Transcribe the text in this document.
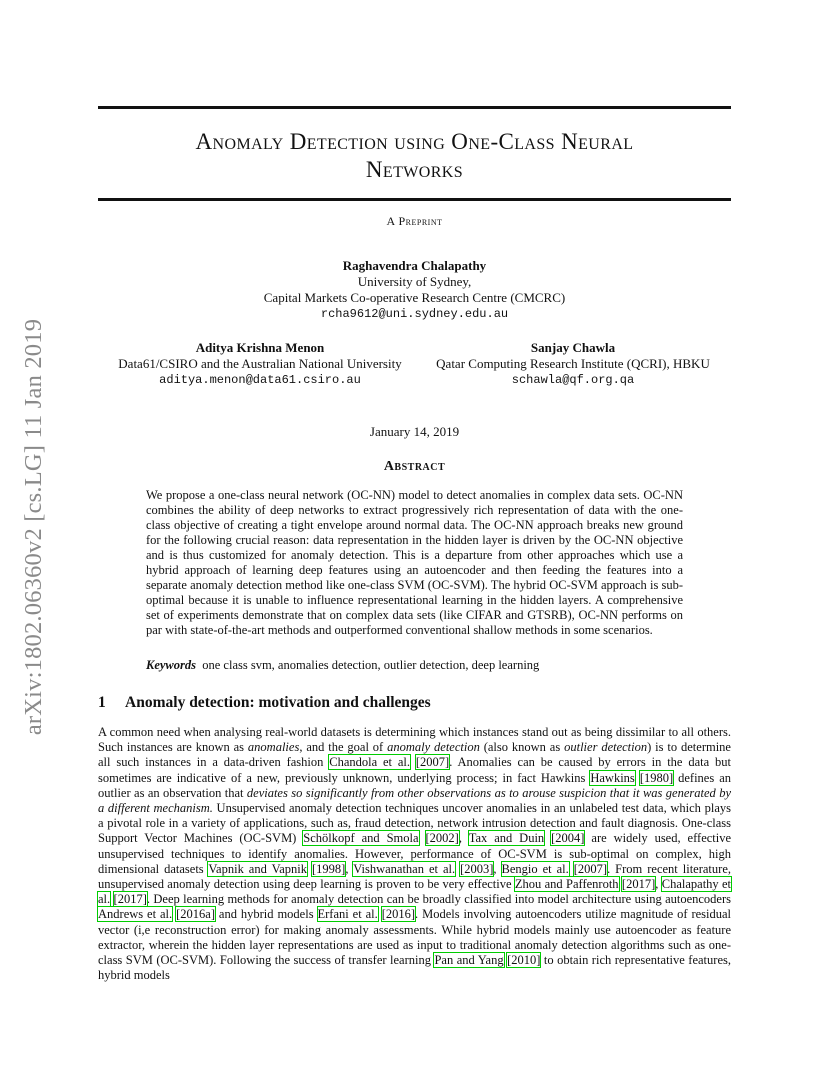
arXiv:1802.06360v2 [cs.LG] 11 Jan 2019
Anomaly Detection using One-Class Neural
Networks
A Preprint
Raghavendra Chalapathy
University of Sydney,
Capital Markets Co-operative Research Centre (CMCRC)
rcha9612@uni.sydney.edu.au
Aditya Krishna Menon
Data61/CSIRO and the Australian National University
aditya.menon@data61.csiro.au
Sanjay Chawla
Qatar Computing Research Institute (QCRI), HBKU
schawla@qf.org.qa
January 14, 2019
Abstract
We propose a one-class neural network (OC-NN) model to detect anomalies in complex data sets. OC-NN combines the ability of deep networks to extract progressively rich representation of data with the one-class objective of creating a tight envelope around normal data. The OC-NN approach breaks new ground for the following crucial reason: data representation in the hidden layer is driven by the OC-NN objective and is thus customized for anomaly detection. This is a departure from other approaches which use a hybrid approach of learning deep features using an autoencoder and then feeding the features into a separate anomaly detection method like one-class SVM (OC-SVM). The hybrid OC-SVM approach is sub-optimal because it is unable to influence representational learning in the hidden layers. A comprehensive set of experiments demonstrate that on complex data sets (like CIFAR and GTSRB), OC-NN performs on par with state-of-the-art methods and outperformed conventional shallow methods in some scenarios.
Keywords one class svm, anomalies detection, outlier detection, deep learning
1 Anomaly detection: motivation and challenges
A common need when analysing real-world datasets is determining which instances stand out as being dissimilar to all others. Such instances are known as anomalies, and the goal of anomaly detection (also known as outlier detection) is to determine all such instances in a data-driven fashion Chandola et al. [2007]. Anomalies can be caused by errors in the data but sometimes are indicative of a new, previously unknown, underlying process; in fact Hawkins Hawkins [1980] defines an outlier as an observation that deviates so significantly from other observations as to arouse suspicion that it was generated by a different mechanism. Unsupervised anomaly detection techniques uncover anomalies in an unlabeled test data, which plays a pivotal role in a variety of applications, such as, fraud detection, network intrusion detection and fault diagnosis. One-class Support Vector Machines (OC-SVM) Schölkopf and Smola [2002], Tax and Duin [2004] are widely used, effective unsupervised techniques to identify anomalies. However, performance of OC-SVM is sub-optimal on complex, high dimensional datasets Vapnik and Vapnik [1998], Vishwanathan et al. [2003], Bengio et al. [2007]. From recent literature, unsupervised anomaly detection using deep learning is proven to be very effective Zhou and Paffenroth [2017], Chalapathy et al. [2017]. Deep learning methods for anomaly detection can be broadly classified into model architecture using autoencoders Andrews et al. [2016a] and hybrid models Erfani et al. [2016]. Models involving autoencoders utilize magnitude of residual vector (i,e reconstruction error) for making anomaly assessments. While hybrid models mainly use autoencoder as feature extractor, wherein the hidden layer representations are used as input to traditional anomaly detection algorithms such as one-class SVM (OC-SVM). Following the success of transfer learning Pan and Yang [2010] to obtain rich representative features, hybrid models
